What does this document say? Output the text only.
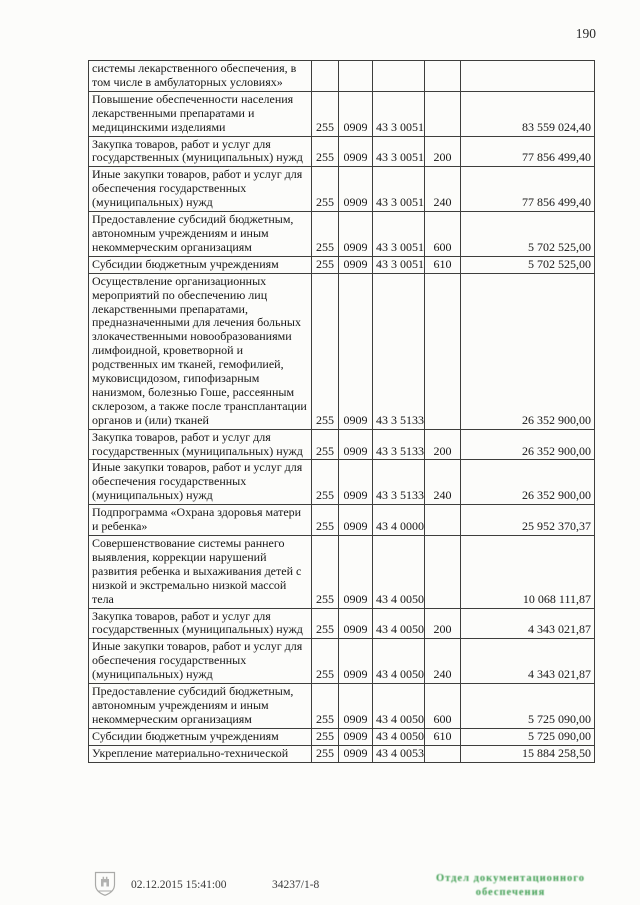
190
системы лекарственного обеспечения, в том числе в амбулаторных условиях»					
Повышение обеспеченности населения лекарственными препаратами и медицинскими изделиями	255	0909	43 3 0051		83 559 024,40
Закупка товаров, работ и услуг для государственных (муниципальных) нужд	255	0909	43 3 0051	200	77 856 499,40
Иные закупки товаров, работ и услуг для обеспечения государственных (муниципальных) нужд	255	0909	43 3 0051	240	77 856 499,40
Предоставление субсидий бюджетным, автономным учреждениям и иным некоммерческим организациям	255	0909	43 3 0051	600	5 702 525,00
Субсидии бюджетным учреждениям	255	0909	43 3 0051	610	5 702 525,00
Осуществление организационных мероприятий по обеспечению лиц лекарственными препаратами, предназначенными для лечения больных злокачественными новообразованиями лимфоидной, кроветворной и родственных им тканей, гемофилией, муковисцидозом, гипофизарным нанизмом, болезнью Гоше, рассеянным склерозом, а также после трансплантации органов и (или) тканей	255	0909	43 3 5133		26 352 900,00
Закупка товаров, работ и услуг для государственных (муниципальных) нужд	255	0909	43 3 5133	200	26 352 900,00
Иные закупки товаров, работ и услуг для обеспечения государственных (муниципальных) нужд	255	0909	43 3 5133	240	26 352 900,00
Подпрограмма «Охрана здоровья матери и ребенка»	255	0909	43 4 0000		25 952 370,37
Совершенствование системы раннего выявления, коррекции нарушений развития ребенка и выхаживания детей с низкой и экстремально низкой массой тела	255	0909	43 4 0050		10 068 111,87
Закупка товаров, работ и услуг для государственных (муниципальных) нужд	255	0909	43 4 0050	200	4 343 021,87
Иные закупки товаров, работ и услуг для обеспечения государственных (муниципальных) нужд	255	0909	43 4 0050	240	4 343 021,87
Предоставление субсидий бюджетным, автономным учреждениям и иным некоммерческим организациям	255	0909	43 4 0050	600	5 725 090,00
Субсидии бюджетным учреждениям	255	0909	43 4 0050	610	5 725 090,00
Укрепление материально-технической	255	0909	43 4 0053		15 884 258,50
02.12.2015 15:41:00	34237/1-8
Отдел документационного
обеспечения
